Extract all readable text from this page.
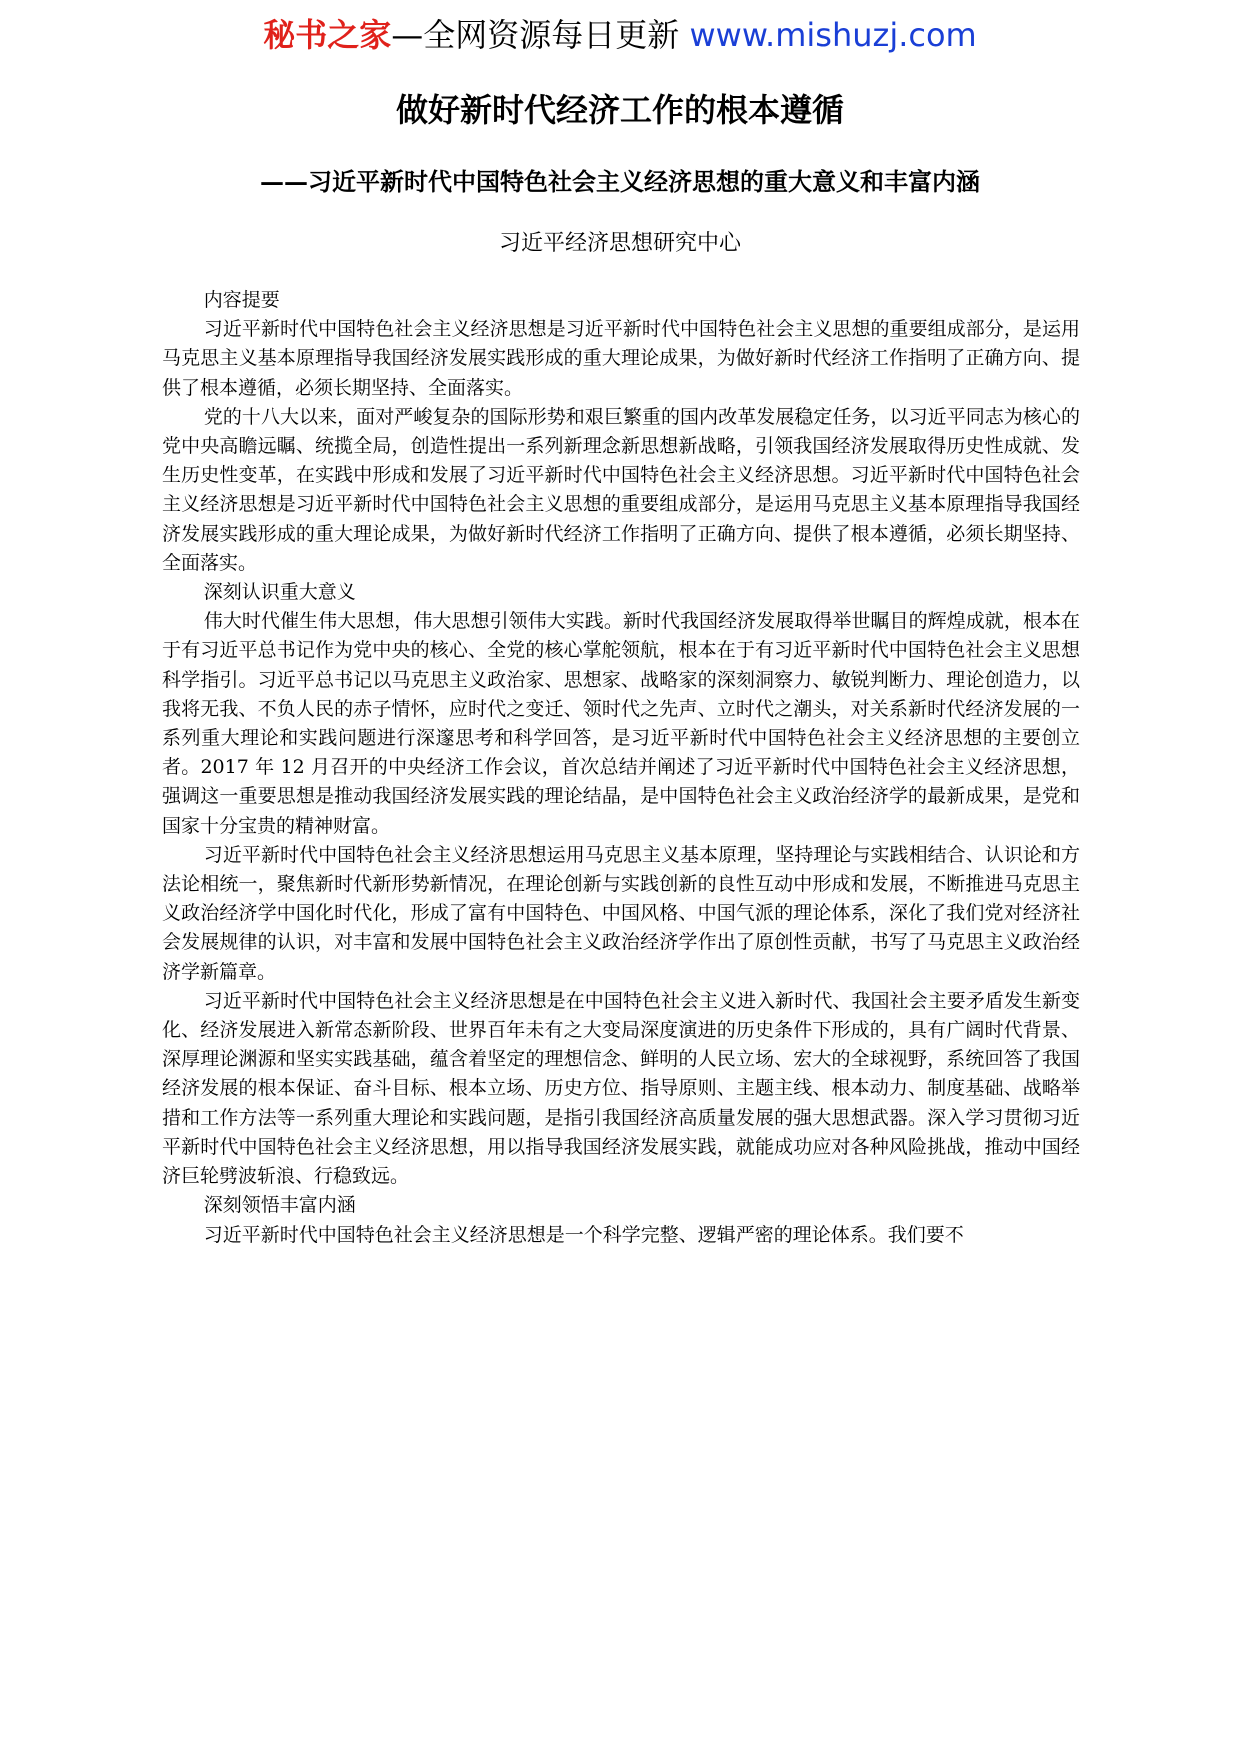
秘书之家—全网资源每日更新 www.mishuzj.com
做好新时代经济工作的根本遵循
——习近平新时代中国特色社会主义经济思想的重大意义和丰富内涵
习近平经济思想研究中心

内容提要

习近平新时代中国特色社会主义经济思想是习近平新时代中国特色社会主义思想的重要组成部分，是运用马克思主义基本原理指导我国经济发展实践形成的重大理论成果，为做好新时代经济工作指明了正确方向、提供了根本遵循，必须长期坚持、全面落实。

党的十八大以来，面对严峻复杂的国际形势和艰巨繁重的国内改革发展稳定任务，以习近平同志为核心的党中央高瞻远瞩、统揽全局，创造性提出一系列新理念新思想新战略，引领我国经济发展取得历史性成就、发生历史性变革，在实践中形成和发展了习近平新时代中国特色社会主义经济思想。习近平新时代中国特色社会主义经济思想是习近平新时代中国特色社会主义思想的重要组成部分，是运用马克思主义基本原理指导我国经济发展实践形成的重大理论成果，为做好新时代经济工作指明了正确方向、提供了根本遵循，必须长期坚持、全面落实。

深刻认识重大意义

伟大时代催生伟大思想，伟大思想引领伟大实践。新时代我国经济发展取得举世瞩目的辉煌成就，根本在于有习近平总书记作为党中央的核心、全党的核心掌舵领航，根本在于有习近平新时代中国特色社会主义思想科学指引。习近平总书记以马克思主义政治家、思想家、战略家的深刻洞察力、敏锐判断力、理论创造力，以我将无我、不负人民的赤子情怀，应时代之变迁、领时代之先声、立时代之潮头，对关系新时代经济发展的一系列重大理论和实践问题进行深邃思考和科学回答，是习近平新时代中国特色社会主义经济思想的主要创立者。2017 年 12 月召开的中央经济工作会议，首次总结并阐述了习近平新时代中国特色社会主义经济思想，强调这一重要思想是推动我国经济发展实践的理论结晶，是中国特色社会主义政治经济学的最新成果，是党和国家十分宝贵的精神财富。

习近平新时代中国特色社会主义经济思想运用马克思主义基本原理，坚持理论与实践相结合、认识论和方法论相统一，聚焦新时代新形势新情况，在理论创新与实践创新的良性互动中形成和发展，不断推进马克思主义政治经济学中国化时代化，形成了富有中国特色、中国风格、中国气派的理论体系，深化了我们党对经济社会发展规律的认识，对丰富和发展中国特色社会主义政治经济学作出了原创性贡献，书写了马克思主义政治经济学新篇章。

习近平新时代中国特色社会主义经济思想是在中国特色社会主义进入新时代、我国社会主要矛盾发生新变化、经济发展进入新常态新阶段、世界百年未有之大变局深度演进的历史条件下形成的，具有广阔时代背景、深厚理论渊源和坚实实践基础，蕴含着坚定的理想信念、鲜明的人民立场、宏大的全球视野，系统回答了我国经济发展的根本保证、奋斗目标、根本立场、历史方位、指导原则、主题主线、根本动力、制度基础、战略举措和工作方法等一系列重大理论和实践问题，是指引我国经济高质量发展的强大思想武器。深入学习贯彻习近平新时代中国特色社会主义经济思想，用以指导我国经济发展实践，就能成功应对各种风险挑战，推动中国经济巨轮劈波斩浪、行稳致远。

深刻领悟丰富内涵

习近平新时代中国特色社会主义经济思想是一个科学完整、逻辑严密的理论体系。我们要不
